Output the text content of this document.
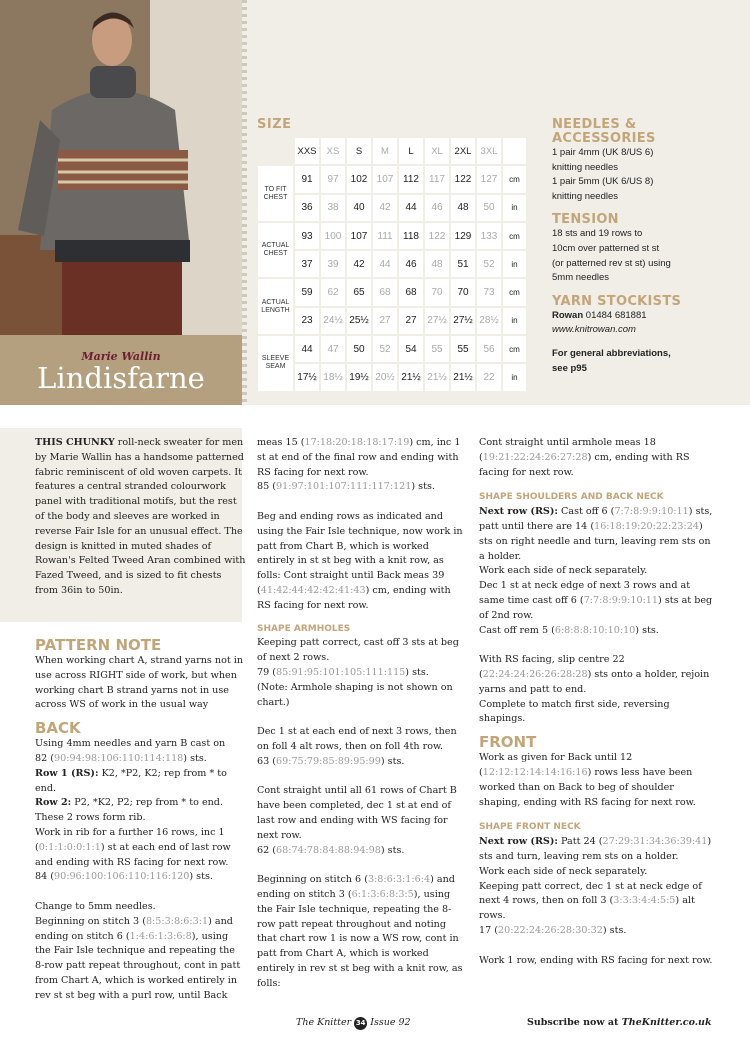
Marie Wallin
Lindisfarne
SIZE
	XXS	XS	S	M	L	XL	2XL	3XL	
TO FIT CHEST	91	97	102	107	112	117	122	127	cm
	36	38	40	42	44	46	48	50	in
ACTUAL CHEST	93	100	107	111	118	122	129	133	cm
	37	39	42	44	46	48	51	52	in
ACTUAL LENGTH	59	62	65	68	68	70	70	73	cm
	23	24½	25½	27	27	27½	27½	28½	in
SLEEVE SEAM	44	47	50	52	54	55	55	56	cm
	17½	18½	19½	20½	21½	21½	21½	22	in
NEEDLES & ACCESSORIES

1 pair 4mm (UK 8/US 6)

knitting needles

1 pair 5mm (UK 6/US 8)

knitting needles

TENSION

18 sts and 19 rows to

10cm over patterned st st

(or patterned rev st st) using

5mm needles

YARN STOCKISTS

Rowan 01484 681881

www.knitrowan.com

For general abbreviations,

see p95

THIS CHUNKY roll-neck sweater for men by Marie Wallin has a handsome patterned fabric reminiscent of old woven carpets. It features a central stranded colourwork panel with traditional motifs, but the rest of the body and sleeves are worked in reverse Fair Isle for an unusual effect. The design is knitted in muted shades of Rowan's Felted Tweed Aran combined with Fazed Tweed, and is sized to fit chests from 36in to 50in.
PATTERN NOTE

When working chart A, strand yarns not in use across RIGHT side of work, but when working chart B strand yarns not in use across WS of work in the usual way

BACK

Using 4mm needles and yarn B cast on
82 (90:94:98:106:110:114:118) sts.

Row 1 (RS): K2, *P2, K2; rep from * to end.

Row 2: P2, *K2, P2; rep from * to end.

These 2 rows form rib.

Work in rib for a further 16 rows, inc 1 (0:1:1:0:0:1:1) st at each end of last row and ending with RS facing for next row.

84 (90:96:100:106:110:116:120) sts.

Change to 5mm needles.

Beginning on stitch 3 (8:5:3:8:6:3:1) and ending on stitch 6 (1:4:6:1:3:6:8), using the Fair Isle technique and repeating the 8-row patt repeat throughout, cont in patt from Chart A, which is worked entirely in rev st st beg with a purl row, until Back

meas 15 (17:18:20:18:18:17:19) cm, inc 1 st at end of the final row and ending with RS facing for next row.

85 (91:97:101:107:111:117:121) sts.

Beg and ending rows as indicated and using the Fair Isle technique, now work in patt from Chart B, which is worked entirely in st st beg with a knit row, as folls: Cont straight until Back meas 39 (41:42:44:42:42:41:43) cm, ending with RS facing for next row.

SHAPE ARMHOLES

Keeping patt correct, cast off 3 sts at beg of next 2 rows.

79 (85:91:95:101:105:111:115) sts.

(Note: Armhole shaping is not shown on chart.)

Dec 1 st at each end of next 3 rows, then on foll 4 alt rows, then on foll 4th row.

63 (69:75:79:85:89:95:99) sts.

Cont straight until all 61 rows of Chart B have been completed, dec 1 st at end of last row and ending with WS facing for next row.

62 (68:74:78:84:88:94:98) sts.

Beginning on stitch 6 (3:8:6:3:1:6:4) and ending on stitch 3 (6:1:3:6:8:3:5), using the Fair Isle technique, repeating the 8-row patt repeat throughout and noting that chart row 1 is now a WS row, cont in patt from Chart A, which is worked entirely in rev st st beg with a knit row, as folls:

Cont straight until armhole meas 18 (19:21:22:24:26:27:28) cm, ending with RS facing for next row.

SHAPE SHOULDERS AND BACK NECK

Next row (RS): Cast off 6 (7:7:8:9:9:10:11) sts, patt until there are 14 (16:18:19:20:22:23:24) sts on right needle and turn, leaving rem sts on a holder.

Work each side of neck separately.

Dec 1 st at neck edge of next 3 rows and at same time cast off 6 (7:7:8:9:9:10:11) sts at beg of 2nd row.

Cast off rem 5 (6:8:8:8:10:10:10) sts.

With RS facing, slip centre 22 (22:24:24:26:26:28:28) sts onto a holder, rejoin yarns and patt to end.

Complete to match first side, reversing shapings.

FRONT

Work as given for Back until 12 (12:12:12:14:14:16:16) rows less have been worked than on Back to beg of shoulder shaping, ending with RS facing for next row.

SHAPE FRONT NECK

Next row (RS): Patt 24 (27:29:31:34:36:39:41) sts and turn, leaving rem sts on a holder.

Work each side of neck separately.

Keeping patt correct, dec 1 st at neck edge of next 4 rows, then on foll 3 (3:3:3:4:4:5:5) alt rows.

17 (20:22:24:26:28:30:32) sts.

Work 1 row, ending with RS facing for next row.

The Knitter 34 Issue 92	Subscribe now at TheKnitter.co.uk
